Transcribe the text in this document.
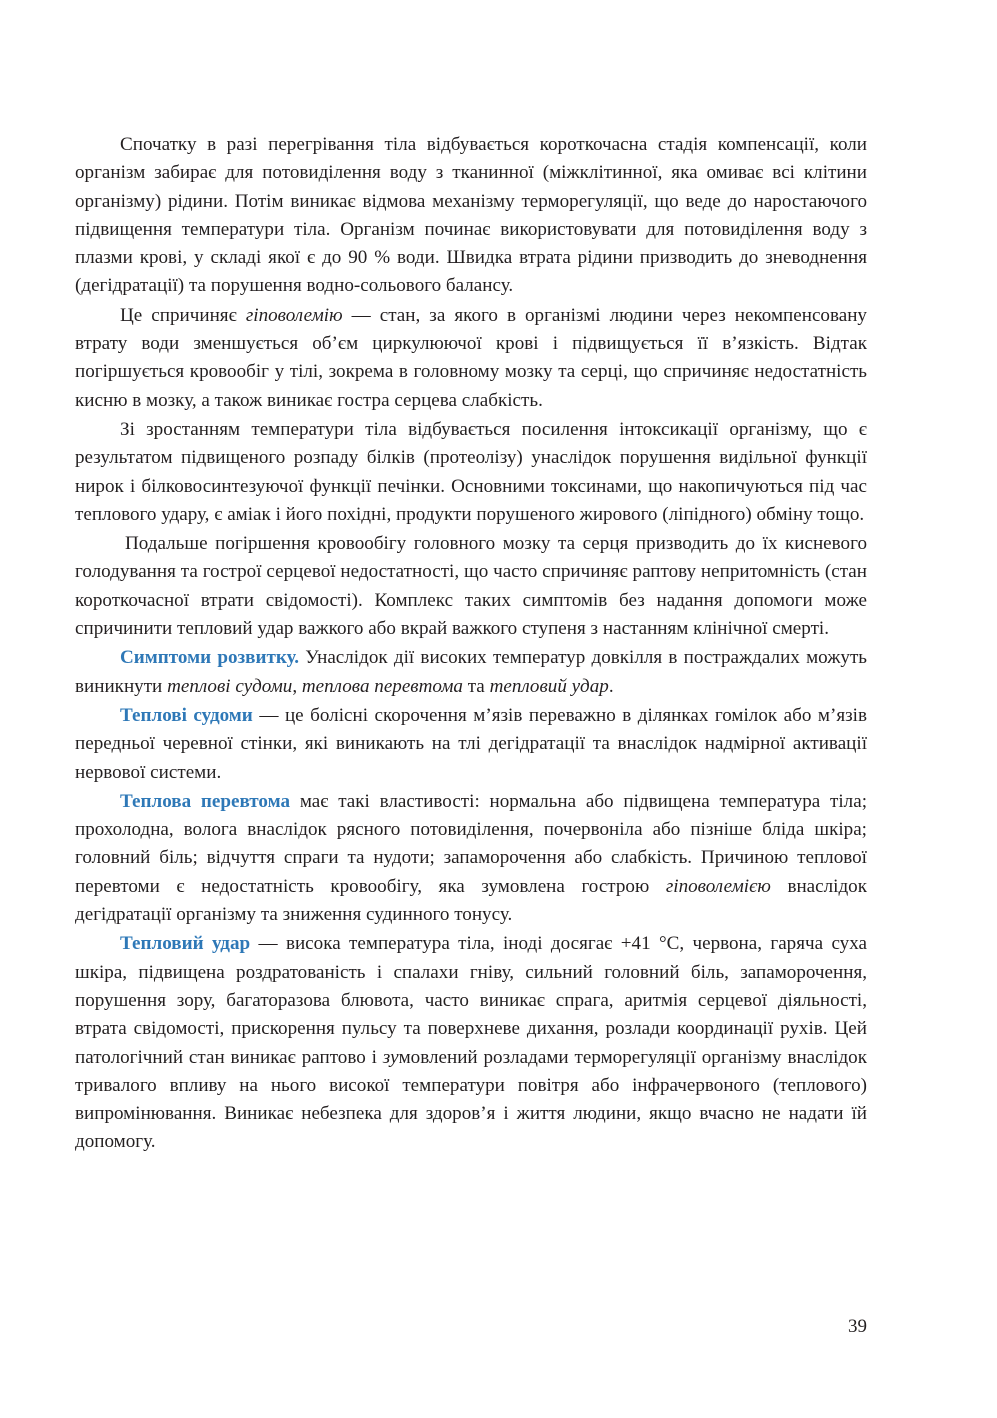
Спочатку в разі перегрівання тіла відбувається короткочасна стадія компенсації, коли організм забирає для потовиділення воду з тканинної (міжклітинної, яка омиває всі клітини організму) рідини. Потім виникає відмова механізму терморегуляції, що веде до наростаючого підвищення температури тіла. Організм починає використовувати для потовиділення воду з плазми крові, у складі якої є до 90 % води. Швидка втрата рідини призводить до зневоднення (дегідратації) та порушення водно-сольового балансу.

Це спричиняє гіповолемію — стан, за якого в організмі людини через некомпенсовану втрату води зменшується об’єм циркулюючої крові і підвищується її в’язкість. Відтак погіршується кровообіг у тілі, зокрема в головному мозку та серці, що спричиняє недостатність кисню в мозку, а також виникає гостра серцева слабкість.

Зі зростанням температури тіла відбувається посилення інтоксикації організму, що є результатом підвищеного розпаду білків (протеолізу) унаслідок порушення видільної функції нирок і білковосинтезуючої функції печінки. Основними токсинами, що накопичуються під час теплового удару, є аміак і його похідні, продукти порушеного жирового (ліпідного) обміну тощо.

Подальше погіршення кровообігу головного мозку та серця призводить до їх кисневого голодування та гострої серцевої недостатності, що часто спричиняє раптову непритомність (стан короткочасної втрати свідомості). Комплекс таких симптомів без надання допомоги може спричинити тепловий удар важкого або вкрай важкого ступеня з настанням клінічної смерті.

Симптоми розвитку. Унаслідок дії високих температур довкілля в постраждалих можуть виникнути теплові судоми, теплова перевтома та тепловий удар.

Теплові судоми — це болісні скорочення м’язів переважно в ділянках гомілок або м’язів передньої черевної стінки, які виникають на тлі дегідратації та внаслідок надмірної активації нервової системи.

Теплова перевтома має такі властивості: нормальна або підвищена температура тіла; прохолодна, волога внаслідок рясного потовиділення, почервоніла або пізніше бліда шкіра; головний біль; відчуття спраги та нудоти; запаморочення або слабкість. Причиною теплової перевтоми є недостатність кровообігу, яка зумовлена гострою гіповолемією внаслідок дегідратації організму та зниження судинного тонусу.

Тепловий удар — висока температура тіла, іноді досягає +41 °С, червона, гаряча суха шкіра, підвищена роздратованість і спалахи гніву, сильний головний біль, запаморочення, порушення зору, багаторазова блювота, часто виникає спрага, аритмія серцевої діяльності, втрата свідомості, прискорення пульсу та поверхневе дихання, розлади координації рухів. Цей патологічний стан виникає раптово і зумовлений розладами терморегуляції організму внаслідок тривалого впливу на нього високої температури повітря або інфрачервоного (теплового) випромінювання. Виникає небезпека для здоров’я і життя людини, якщо вчасно не надати їй допомогу.

39
